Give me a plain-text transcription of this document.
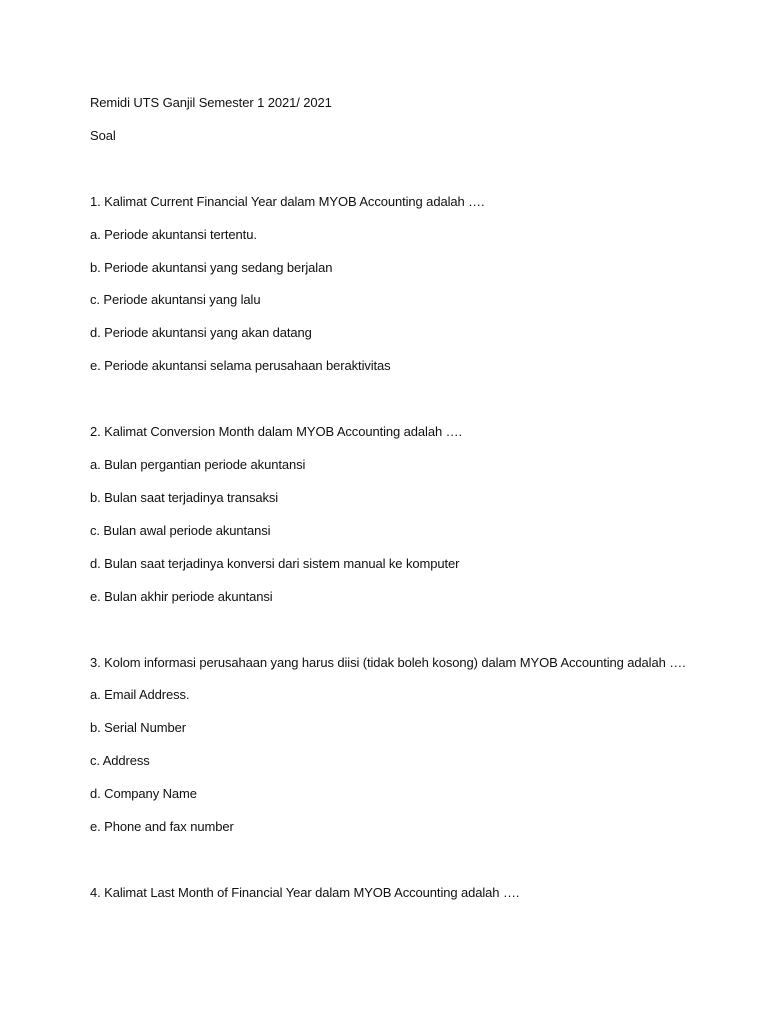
Remidi UTS Ganjil Semester 1 2021/ 2021
Soal
1. Kalimat Current Financial Year dalam MYOB Accounting adalah ….
a. Periode akuntansi tertentu.
b. Periode akuntansi yang sedang berjalan
c. Periode akuntansi yang lalu
d. Periode akuntansi yang akan datang
e. Periode akuntansi selama perusahaan beraktivitas
2. Kalimat Conversion Month dalam MYOB Accounting adalah ….
a. Bulan pergantian periode akuntansi
b. Bulan saat terjadinya transaksi
c. Bulan awal periode akuntansi
d. Bulan saat terjadinya konversi dari sistem manual ke komputer
e. Bulan akhir periode akuntansi
3. Kolom informasi perusahaan yang harus diisi (tidak boleh kosong) dalam MYOB Accounting adalah ….
a. Email Address.
b. Serial Number
c. Address
d. Company Name
e. Phone and fax number
4. Kalimat Last Month of Financial Year dalam MYOB Accounting adalah ….
